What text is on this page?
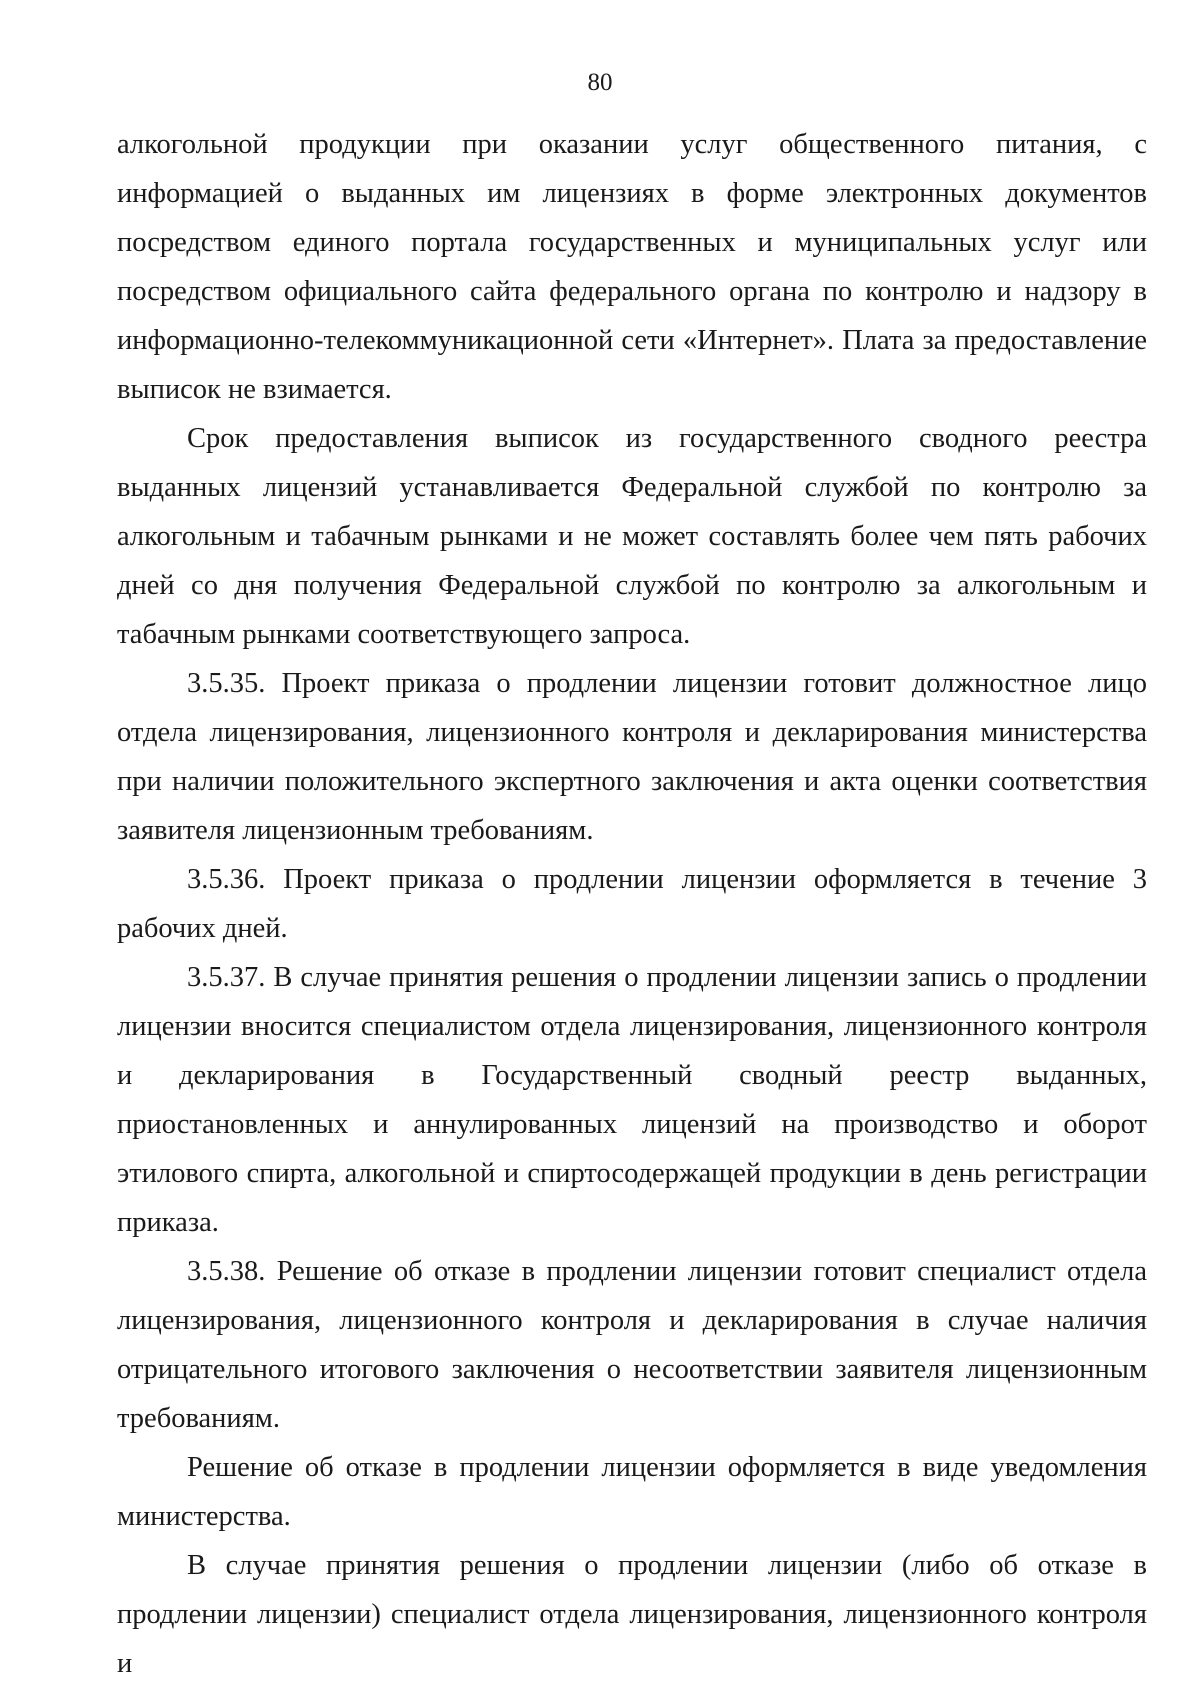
80

алкогольной продукции при оказании услуг общественного питания, с информацией о выданных им лицензиях в форме электронных документов посредством единого портала государственных и муниципальных услуг или посредством официального сайта федерального органа по контролю и надзору в информационно-телекоммуникационной сети «Интернет». Плата за предоставление выписок не взимается.

Срок предоставления выписок из государственного сводного реестра выданных лицензий устанавливается Федеральной службой по контролю за алкогольным и табачным рынками и не может составлять более чем пять рабочих дней со дня получения Федеральной службой по контролю за алкогольным и табачным рынками соответствующего запроса.

3.5.35. Проект приказа о продлении лицензии готовит должностное лицо отдела лицензирования, лицензионного контроля и декларирования министерства при наличии положительного экспертного заключения и акта оценки соответствия заявителя лицензионным требованиям.

3.5.36. Проект приказа о продлении лицензии оформляется в течение 3 рабочих дней.

3.5.37. В случае принятия решения о продлении лицензии запись о продлении лицензии вносится специалистом отдела лицензирования, лицензионного контроля и декларирования в Государственный сводный реестр выданных, приостановленных и аннулированных лицензий на производство и оборот этилового спирта, алкогольной и спиртосодержащей продукции в день регистрации приказа.

3.5.38. Решение об отказе в продлении лицензии готовит специалист отдела лицензирования, лицензионного контроля и декларирования в случае наличия отрицательного итогового заключения о несоответствии заявителя лицензионным требованиям.

Решение об отказе в продлении лицензии оформляется в виде уведомления министерства.

В случае принятия решения о продлении лицензии (либо об отказе в продлении лицензии) специалист отдела лицензирования, лицензионного контроля и
